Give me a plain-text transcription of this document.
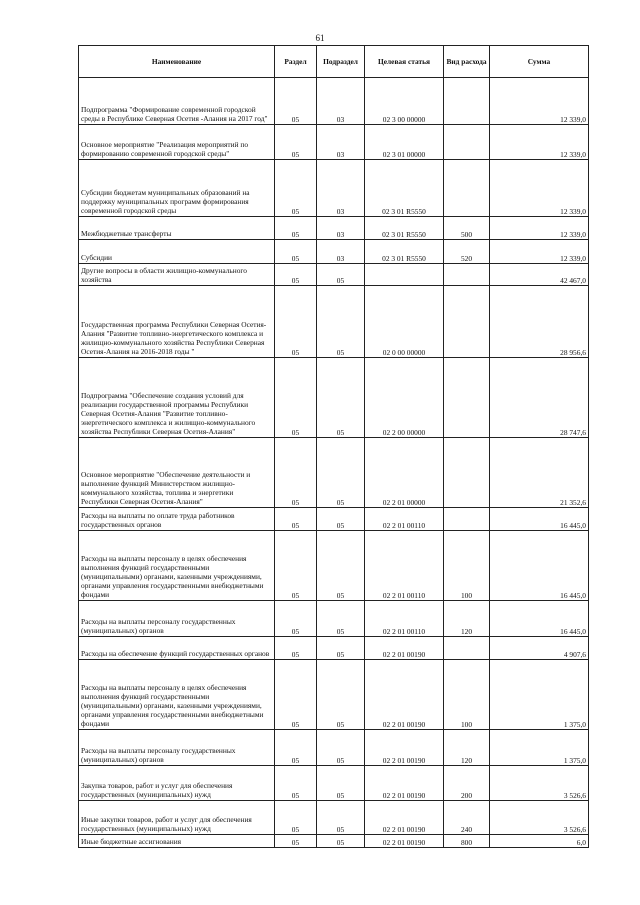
61
Наименование	Раздел	Подраздел	Целевая статья	Вид расхода	Сумма

Подпрограмма "Формирование современной городской среды в Республике Северная Осетия -Алания на 2017 год"	05	03	02 3 00 00000		12 339,0

Основное мероприятие "Реализация мероприятий по формированию современной городской среды"	05	03	02 3 01 00000		12 339,0

Субсидии бюджетам муниципальных образований на поддержку муниципальных программ формирования современной городской среды	05	03	02 3 01 R5550		12 339,0

Межбюджетные трансферты	05	03	02 3 01 R5550	500	12 339,0

Субсидии	05	03	02 3 01 R5550	520	12 339,0

Другие вопросы в области жилищно-коммунального хозяйства	05	05			42 467,0

Государственная программа Республики Северная Осетия-Алания "Развитие топливно-энергетического комплекса и жилищно-коммунального хозяйства Республики Северная Осетия-Алания на 2016-2018 годы "	05	05	02 0 00 00000		28 956,6

Подпрограмма "Обеспечение создания условий для реализации государственной программы Республики Северная Осетия-Алания "Развитие топливно-энергетического комплекса и жилищно-коммунального хозяйства Республики Северная Осетия-Алания"	05	05	02 2 00 00000		28 747,6

Основное мероприятие "Обеспечение деятельности и выполнение функций Министерством жилищно-коммунального хозяйства, топлива и энергетики Республики Северная Осетия-Алания"	05	05	02 2 01 00000		21 352,6

Расходы на выплаты по оплате труда работников государственных органов	05	05	02 2 01 00110		16 445,0

Расходы на выплаты персоналу в целях обеспечения выполнения функций государственными (муниципальными) органами, казенными учреждениями, органами управления государственными внебюджетными фондами	05	05	02 2 01 00110	100	16 445,0

Расходы на выплаты персоналу государственных (муниципальных) органов	05	05	02 2 01 00110	120	16 445,0

Расходы на обеспечение функций государственных органов	05	05	02 2 01 00190		4 907,6

Расходы на выплаты персоналу в целях обеспечения выполнения функций государственными (муниципальными) органами, казенными учреждениями, органами управления государственными внебюджетными фондами	05	05	02 2 01 00190	100	1 375,0

Расходы на выплаты персоналу государственных (муниципальных) органов	05	05	02 2 01 00190	120	1 375,0

Закупка товаров, работ и услуг для обеспечения государственных (муниципальных) нужд	05	05	02 2 01 00190	200	3 526,6

Иные закупки товаров, работ и услуг для обеспечения государственных (муниципальных) нужд	05	05	02 2 01 00190	240	3 526,6

Иные бюджетные ассигнования	05	05	02 2 01 00190	800	6,0
